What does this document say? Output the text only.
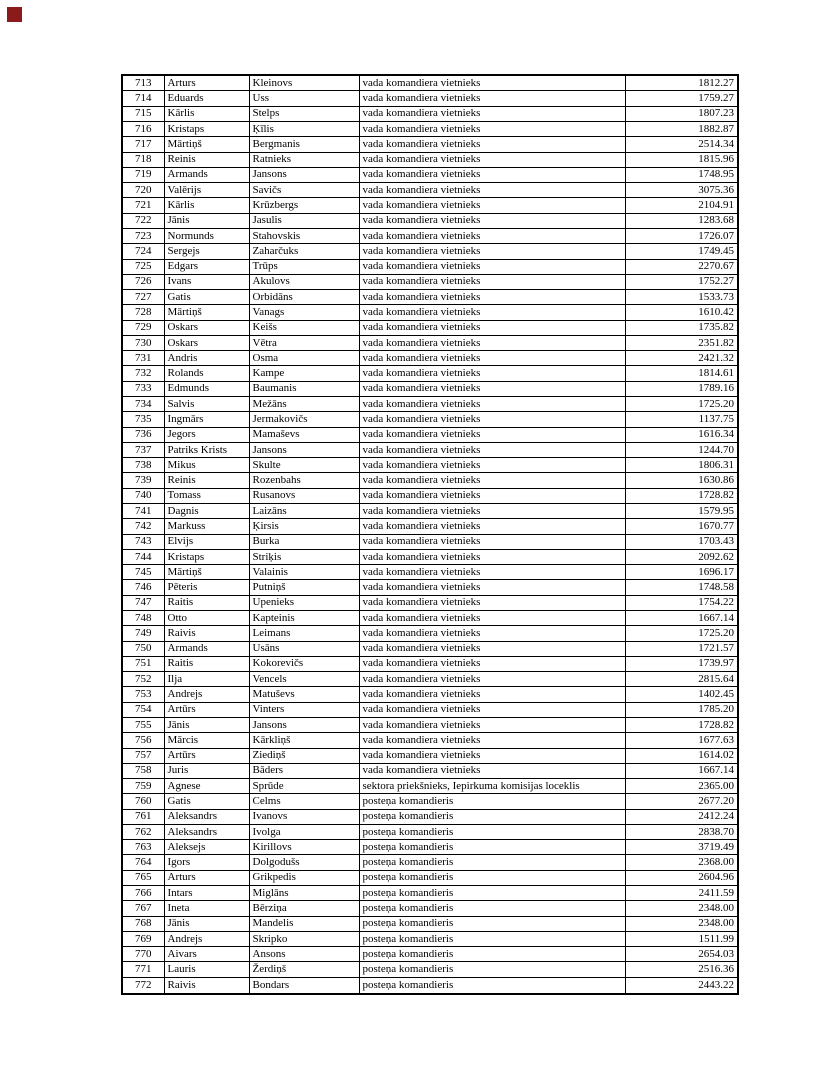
713	Arturs	Kleinovs	vada komandiera vietnieks	1812.27
714	Eduards	Uss	vada komandiera vietnieks	1759.27
715	Kārlis	Stelps	vada komandiera vietnieks	1807.23
716	Kristaps	Ķīlis	vada komandiera vietnieks	1882.87
717	Mārtiņš	Bergmanis	vada komandiera vietnieks	2514.34
718	Reinis	Ratnieks	vada komandiera vietnieks	1815.96
719	Armands	Jansons	vada komandiera vietnieks	1748.95
720	Valērijs	Savičs	vada komandiera vietnieks	3075.36
721	Kārlis	Krūzbergs	vada komandiera vietnieks	2104.91
722	Jānis	Jasulis	vada komandiera vietnieks	1283.68
723	Normunds	Stahovskis	vada komandiera vietnieks	1726.07
724	Sergejs	Zaharčuks	vada komandiera vietnieks	1749.45
725	Edgars	Trūps	vada komandiera vietnieks	2270.67
726	Ivans	Akulovs	vada komandiera vietnieks	1752.27
727	Gatis	Orbidāns	vada komandiera vietnieks	1533.73
728	Mārtiņš	Vanags	vada komandiera vietnieks	1610.42
729	Oskars	Keišs	vada komandiera vietnieks	1735.82
730	Oskars	Vētra	vada komandiera vietnieks	2351.82
731	Andris	Osma	vada komandiera vietnieks	2421.32
732	Rolands	Kampe	vada komandiera vietnieks	1814.61
733	Edmunds	Baumanis	vada komandiera vietnieks	1789.16
734	Salvis	Mežāns	vada komandiera vietnieks	1725.20
735	Ingmārs	Jermakovičs	vada komandiera vietnieks	1137.75
736	Jegors	Mamaševs	vada komandiera vietnieks	1616.34
737	Patriks Krists	Jansons	vada komandiera vietnieks	1244.70
738	Mikus	Skulte	vada komandiera vietnieks	1806.31
739	Reinis	Rozenbahs	vada komandiera vietnieks	1630.86
740	Tomass	Rusanovs	vada komandiera vietnieks	1728.82
741	Dagnis	Laizāns	vada komandiera vietnieks	1579.95
742	Markuss	Ķirsis	vada komandiera vietnieks	1670.77
743	Elvijs	Burka	vada komandiera vietnieks	1703.43
744	Kristaps	Striķis	vada komandiera vietnieks	2092.62
745	Mārtiņš	Valainis	vada komandiera vietnieks	1696.17
746	Pēteris	Putniņš	vada komandiera vietnieks	1748.58
747	Raitis	Upenieks	vada komandiera vietnieks	1754.22
748	Otto	Kapteinis	vada komandiera vietnieks	1667.14
749	Raivis	Leimans	vada komandiera vietnieks	1725.20
750	Armands	Usāns	vada komandiera vietnieks	1721.57
751	Raitis	Kokorevičs	vada komandiera vietnieks	1739.97
752	Ilja	Vencels	vada komandiera vietnieks	2815.64
753	Andrejs	Matuševs	vada komandiera vietnieks	1402.45
754	Artūrs	Vinters	vada komandiera vietnieks	1785.20
755	Jānis	Jansons	vada komandiera vietnieks	1728.82
756	Mārcis	Kārkliņš	vada komandiera vietnieks	1677.63
757	Artūrs	Ziediņš	vada komandiera vietnieks	1614.02
758	Juris	Bāders	vada komandiera vietnieks	1667.14
759	Agnese	Sprūde	sektora priekšnieks, Iepirkuma komisijas loceklis	2365.00
760	Gatis	Celms	posteņa komandieris	2677.20
761	Aleksandrs	Ivanovs	posteņa komandieris	2412.24
762	Aleksandrs	Ivolga	posteņa komandieris	2838.70
763	Aleksejs	Kirillovs	posteņa komandieris	3719.49
764	Igors	Dolgodušs	posteņa komandieris	2368.00
765	Arturs	Grikpedis	posteņa komandieris	2604.96
766	Intars	Miglāns	posteņa komandieris	2411.59
767	Ineta	Bērziņa	posteņa komandieris	2348.00
768	Jānis	Mandelis	posteņa komandieris	2348.00
769	Andrejs	Skripko	posteņa komandieris	1511.99
770	Aivars	Ansons	posteņa komandieris	2654.03
771	Lauris	Žerdiņš	posteņa komandieris	2516.36
772	Raivis	Bondars	posteņa komandieris	2443.22
